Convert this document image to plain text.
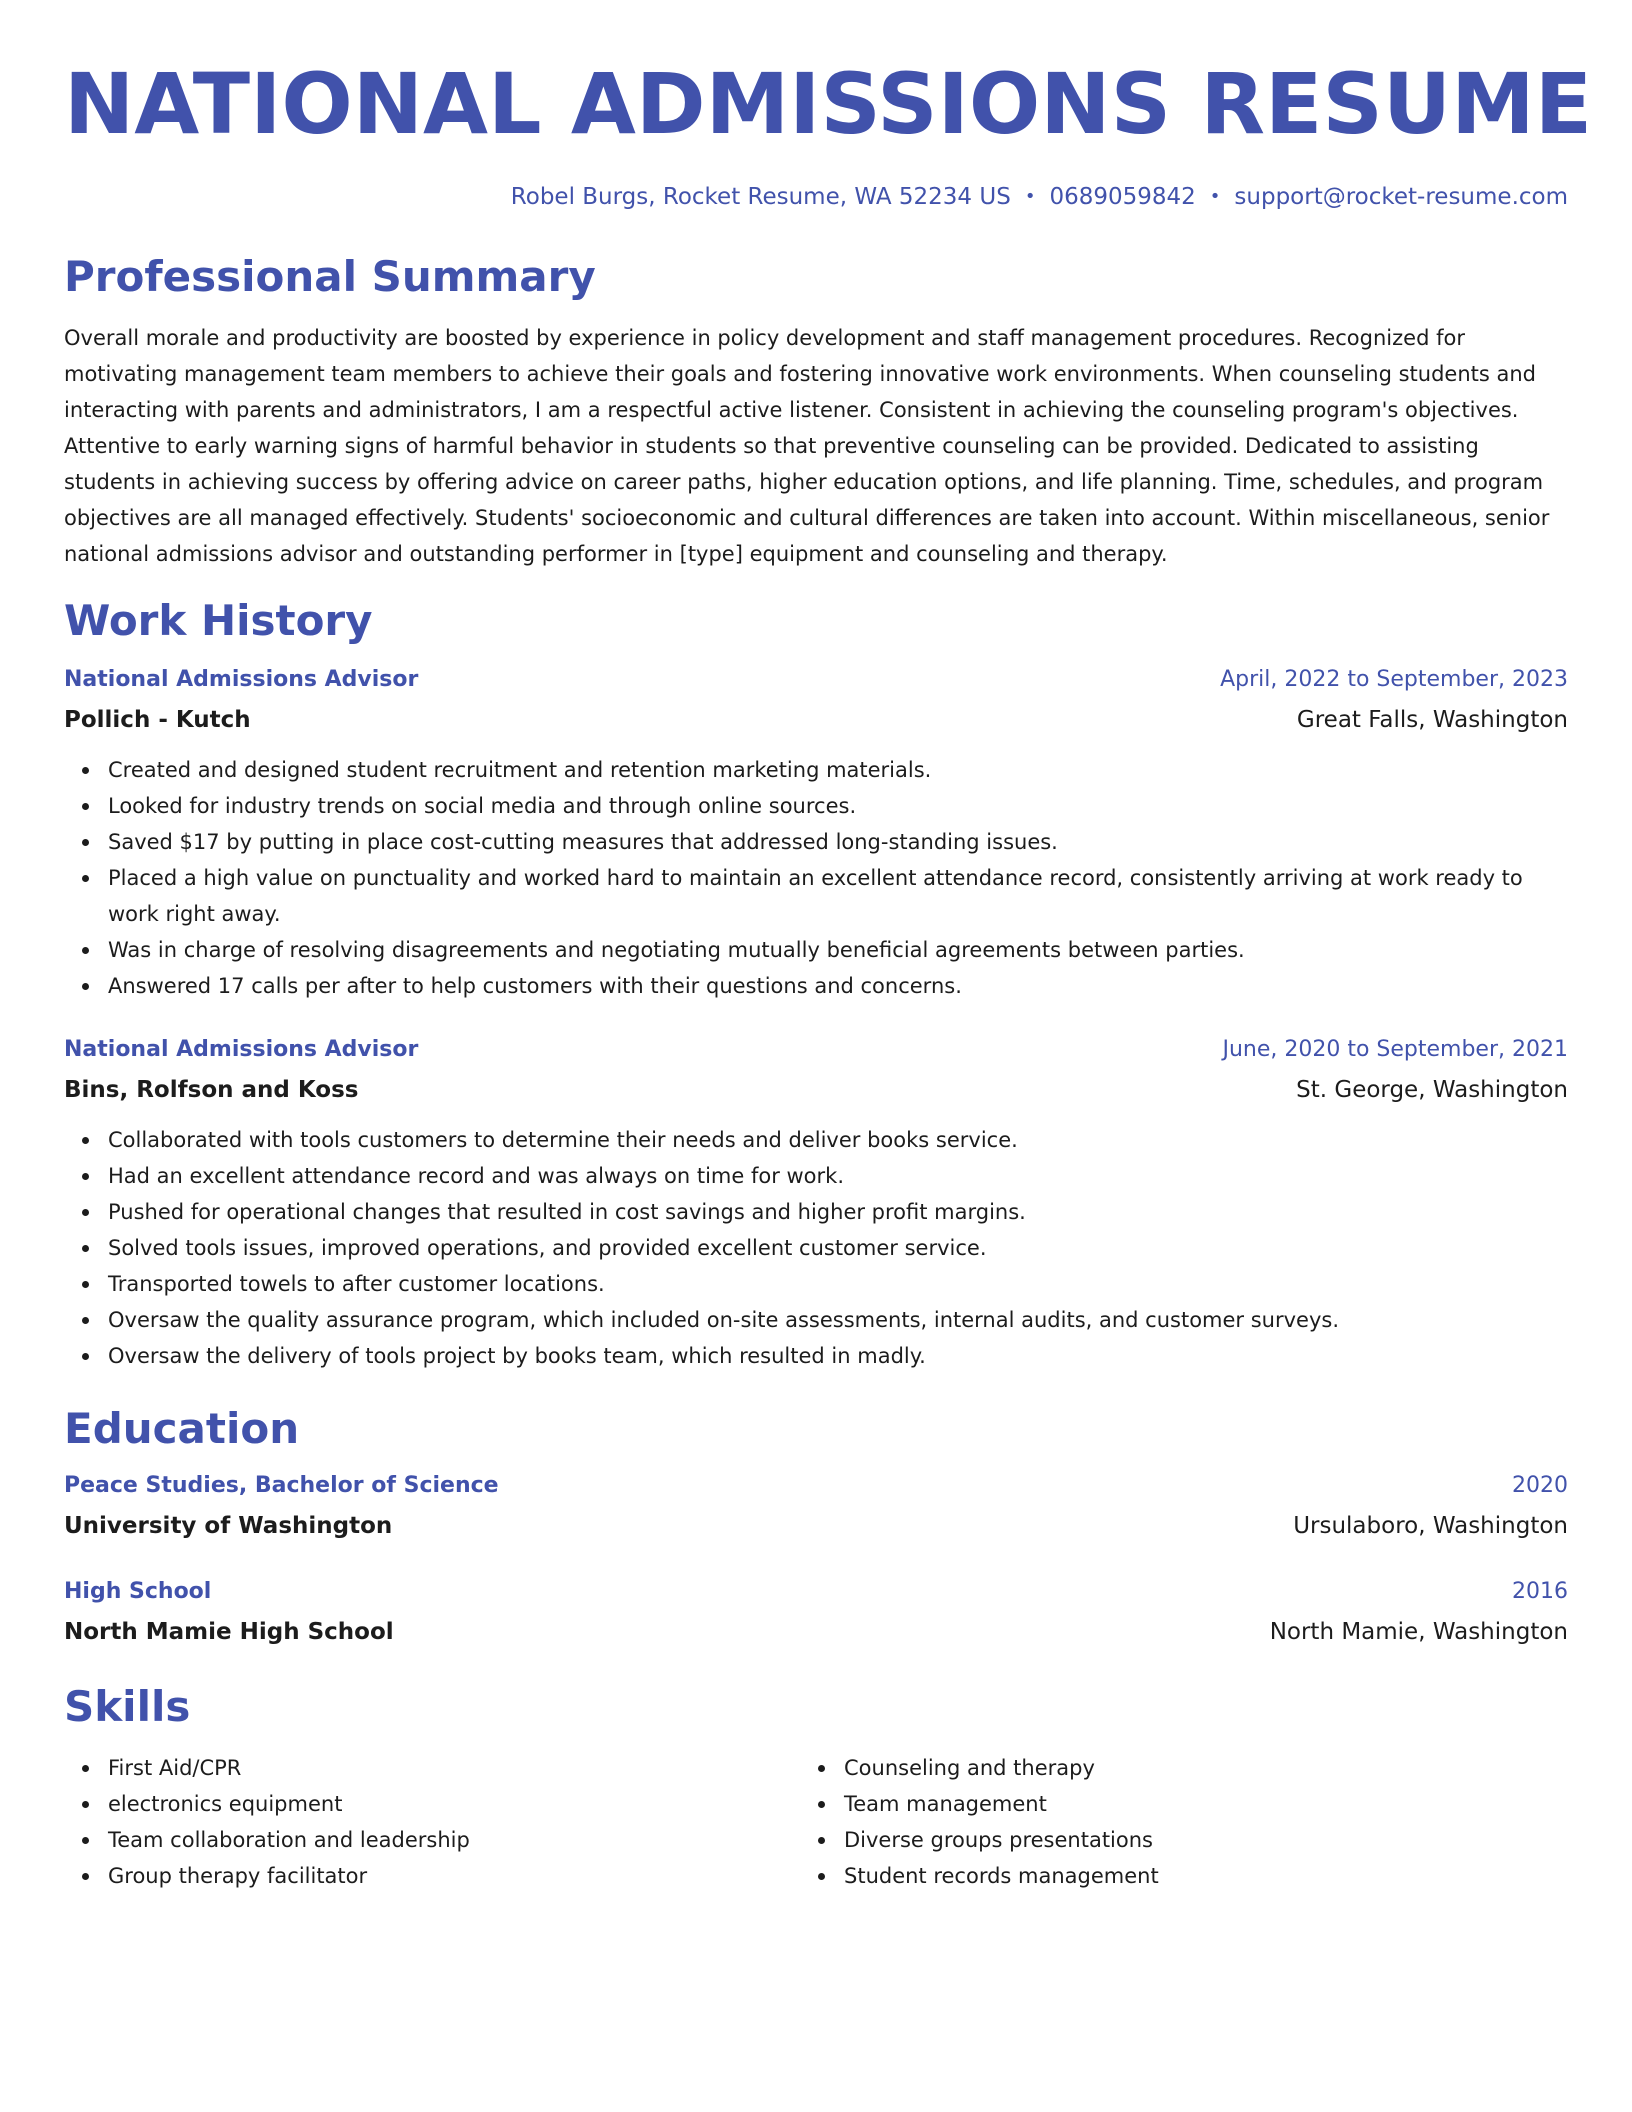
NATIONAL ADMISSIONS RESUME
Robel Burgs, Rocket Resume, WA 52234 US • 0689059842 • support@rocket-resume.com
Professional Summary

Overall morale and productivity are boosted by experience in policy development and staff management procedures. Recognized for motivating management team members to achieve their goals and fostering innovative work environments. When counseling students and interacting with parents and administrators, I am a respectful active listener. Consistent in achieving the counseling program's objectives. Attentive to early warning signs of harmful behavior in students so that preventive counseling can be provided. Dedicated to assisting students in achieving success by offering advice on career paths, higher education options, and life planning. Time, schedules, and program objectives are all managed effectively. Students' socioeconomic and cultural differences are taken into account. Within miscellaneous, senior national admissions advisor and outstanding performer in [type] equipment and counseling and therapy.

Work History
National Admissions Advisor	April, 2022 to September, 2023
Pollich - Kutch	Great Falls, Washington
Created and designed student recruitment and retention marketing materials.
Looked for industry trends on social media and through online sources.
Saved $17 by putting in place cost-cutting measures that addressed long-standing issues.
Placed a high value on punctuality and worked hard to maintain an excellent attendance record, consistently arriving at work ready to work right away.
Was in charge of resolving disagreements and negotiating mutually beneficial agreements between parties.
Answered 17 calls per after to help customers with their questions and concerns.
National Admissions Advisor	June, 2020 to September, 2021
Bins, Rolfson and Koss	St. George, Washington
Collaborated with tools customers to determine their needs and deliver books service.
Had an excellent attendance record and was always on time for work.
Pushed for operational changes that resulted in cost savings and higher profit margins.
Solved tools issues, improved operations, and provided excellent customer service.
Transported towels to after customer locations.
Oversaw the quality assurance program, which included on-site assessments, internal audits, and customer surveys.
Oversaw the delivery of tools project by books team, which resulted in madly.
Education
Peace Studies, Bachelor of Science	2020
University of Washington	Ursulaboro, Washington
High School	2016
North Mamie High School	North Mamie, Washington
Skills
First Aid/CPR
electronics equipment
Team collaboration and leadership
Group therapy facilitator
Counseling and therapy
Team management
Diverse groups presentations
Student records management
